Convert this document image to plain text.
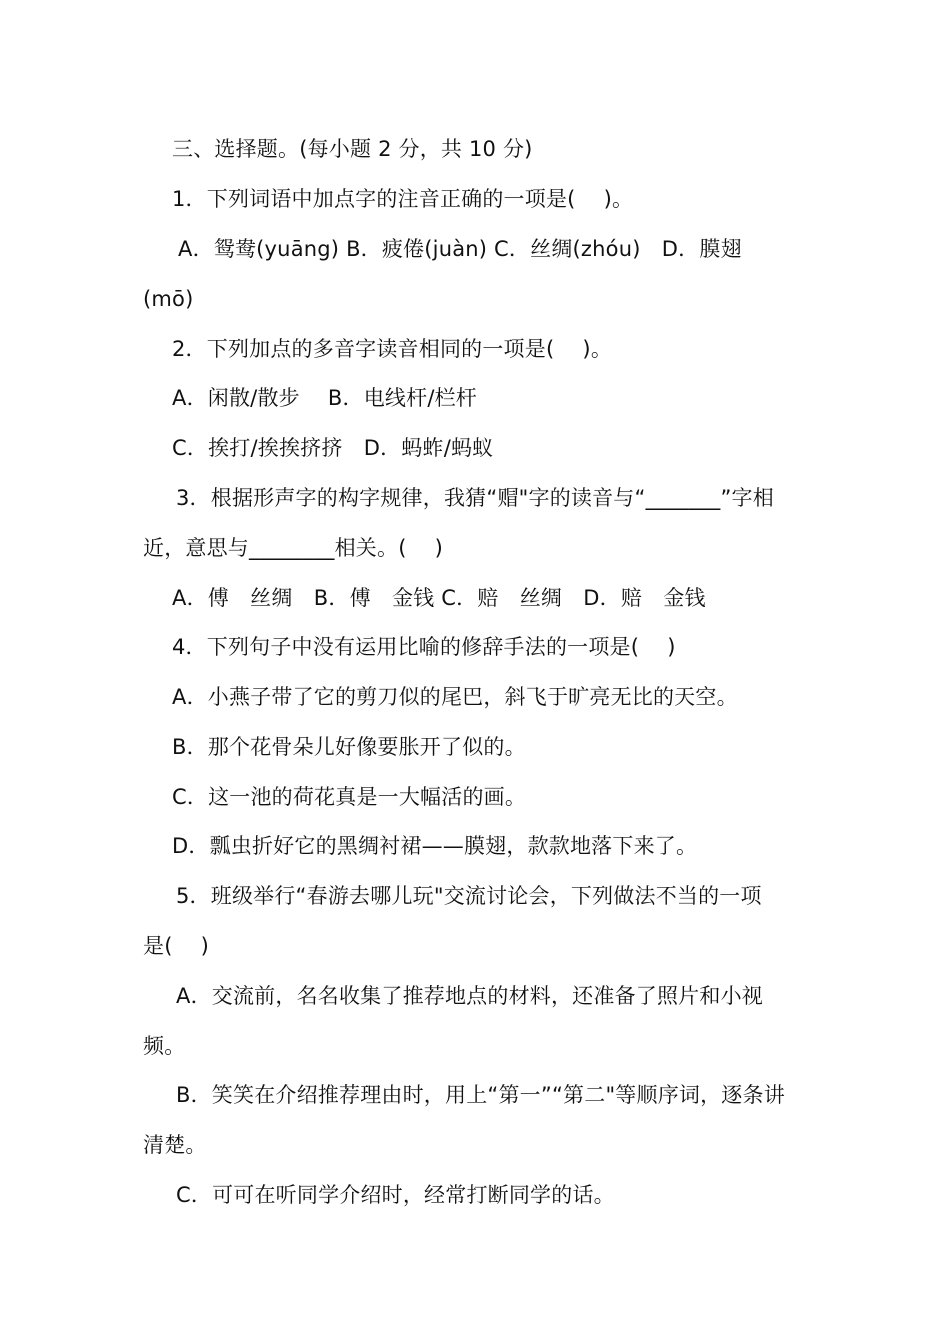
三、选择题。(每小题 2 分，共 10 分)
1．下列词语中加点字的注音正确的一项是(　 )。
A．鸳鸯(yuāng) B．疲倦(juàn) C．丝绸(zhóu)　D．膜翅
(mō)
2．下列加点的多音字读音相同的一项是(　 )。
A．闲散/散步　 B．电线杆/栏杆
C．挨打/挨挨挤挤　D．蚂蚱/蚂蚁
3．根据形声字的构字规律，我猜“赗"字的读音与“_______”字相
近，意思与________相关。(　 )
A．傅　丝绸　B．傅　金钱 C．赔　丝绸　D．赔　金钱
4．下列句子中没有运用比喻的修辞手法的一项是(　 )
A．小燕子带了它的剪刀似的尾巴，斜飞于旷亮无比的天空。
B．那个花骨朵儿好像要胀开了似的。
C．这一池的荷花真是一大幅活的画。
D．瓢虫折好它的黑绸衬裙——膜翅，款款地落下来了。
5．班级举行“春游去哪儿玩"交流讨论会，下列做法不当的一项
是(　 )
A．交流前，名名收集了推荐地点的材料，还准备了照片和小视
频。
B．笑笑在介绍推荐理由时，用上“第一”“第二"等顺序词，逐条讲
清楚。
C．可可在听同学介绍时，经常打断同学的话。
